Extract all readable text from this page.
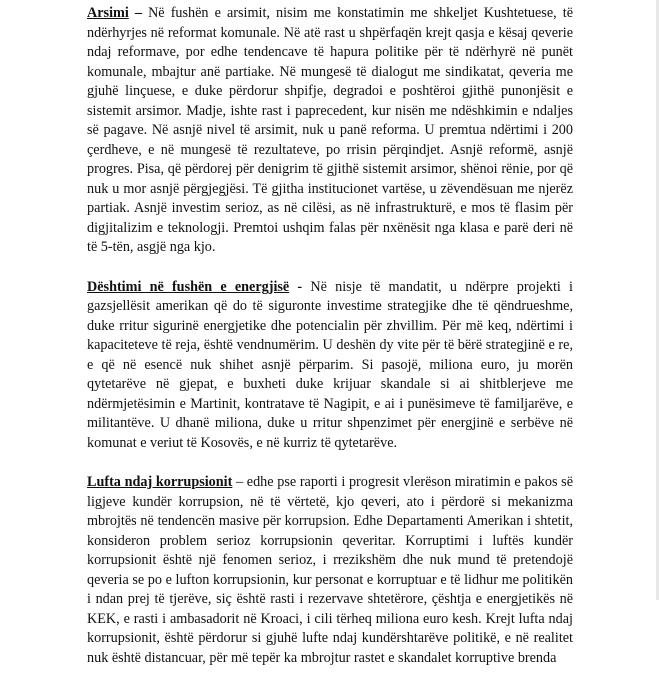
Arsimi – Në fushën e arsimit, nisim me konstatimin me shkeljet Kushtetuese, të ndërhyrjes në reformat komunale. Në atë rast u shpërfaqën krejt qasja e kësaj qeverie ndaj reformave, por edhe tendencave të hapura politike për të ndërhyrë në punët komunale, mbajtur anë partiake. Në mungesë të dialogut me sindikatat, qeveria me gjuhë linçuese, e duke përdorur shpifje, degradoi e poshtëroi gjithë punonjësit e sistemit arsimor. Madje, ishte rast i paprecedent, kur nisën me ndëshkimin e ndaljes së pagave. Në asnjë nivel të arsimit, nuk u panë reforma. U premtua ndërtimi i 200 çerdheve, e në mungesë të rezultateve, po rrisin përqindjet. Asnjë reformë, asnjë progres. Pisa, që përdorej për denigrim të gjithë sistemit arsimor, shënoi rënie, por që nuk u mor asnjë përgjegjësi. Të gjitha institucionet vartëse, u zëvendësuan me njerëz partiak. Asnjë investim serioz, as në cilësi, as në infrastrukturë, e mos të flasim për digjitalizim e teknologji. Premtoi ushqim falas për nxënësit nga klasa e parë deri në të 5-tën, asgjë nga kjo.

Dështimi në fushën e energjisë - Në nisje të mandatit, u ndërpre projekti i gazsjellësit amerikan që do të siguronte investime strategjike dhe të qëndrueshme, duke rritur sigurinë energjetike dhe potencialin për zhvillim. Për më keq, ndërtimi i kapaciteteve të reja, është vendnumërim. U deshën dy vite për të bërë strategjinë e re, e që në esencë nuk shihet asnjë përparim. Si pasojë, miliona euro, ju morën qytetarëve në gjepat, e buxheti duke krijuar skandale si ai shitblerjeve me ndërmjetësimin e Martinit, kontratave të Nagipit, e ai i punësimeve të familjarëve, e militantëve. U dhanë miliona, duke u rritur shpenzimet për energjinë e serbëve në komunat e veriut të Kosovës, e në kurriz të qytetarëve.

Lufta ndaj korrupsionit – edhe pse raporti i progresit vlerëson miratimin e pakos së ligjeve kundër korrupsion, në të vërtetë, kjo qeveri, ato i përdorë si mekanizma mbrojtës në tendencën masive për korrupsion. Edhe Departamenti Amerikan i shtetit, konsideron problem serioz korrupsionin qeveritar. Korruptimi i luftës kundër korrupsionit është një fenomen serioz, i rrezikshëm dhe nuk mund të pretendojë qeveria se po e lufton korrupsionin, kur personat e korruptuar e të lidhur me politikën i ndan prej të tjerëve, siç është rasti i rezervave shtetërore, çështja e energjetikës në KEK, e rasti i ambasadorit në Kroaci, i cili tërheq miliona euro kesh. Krejt lufta ndaj korrupsionit, është përdorur si gjuhë lufte ndaj kundërshtarëve politikë, e në realitet nuk është distancuar, për më tepër ka mbrojtur rastet e skandalet korruptive brenda
